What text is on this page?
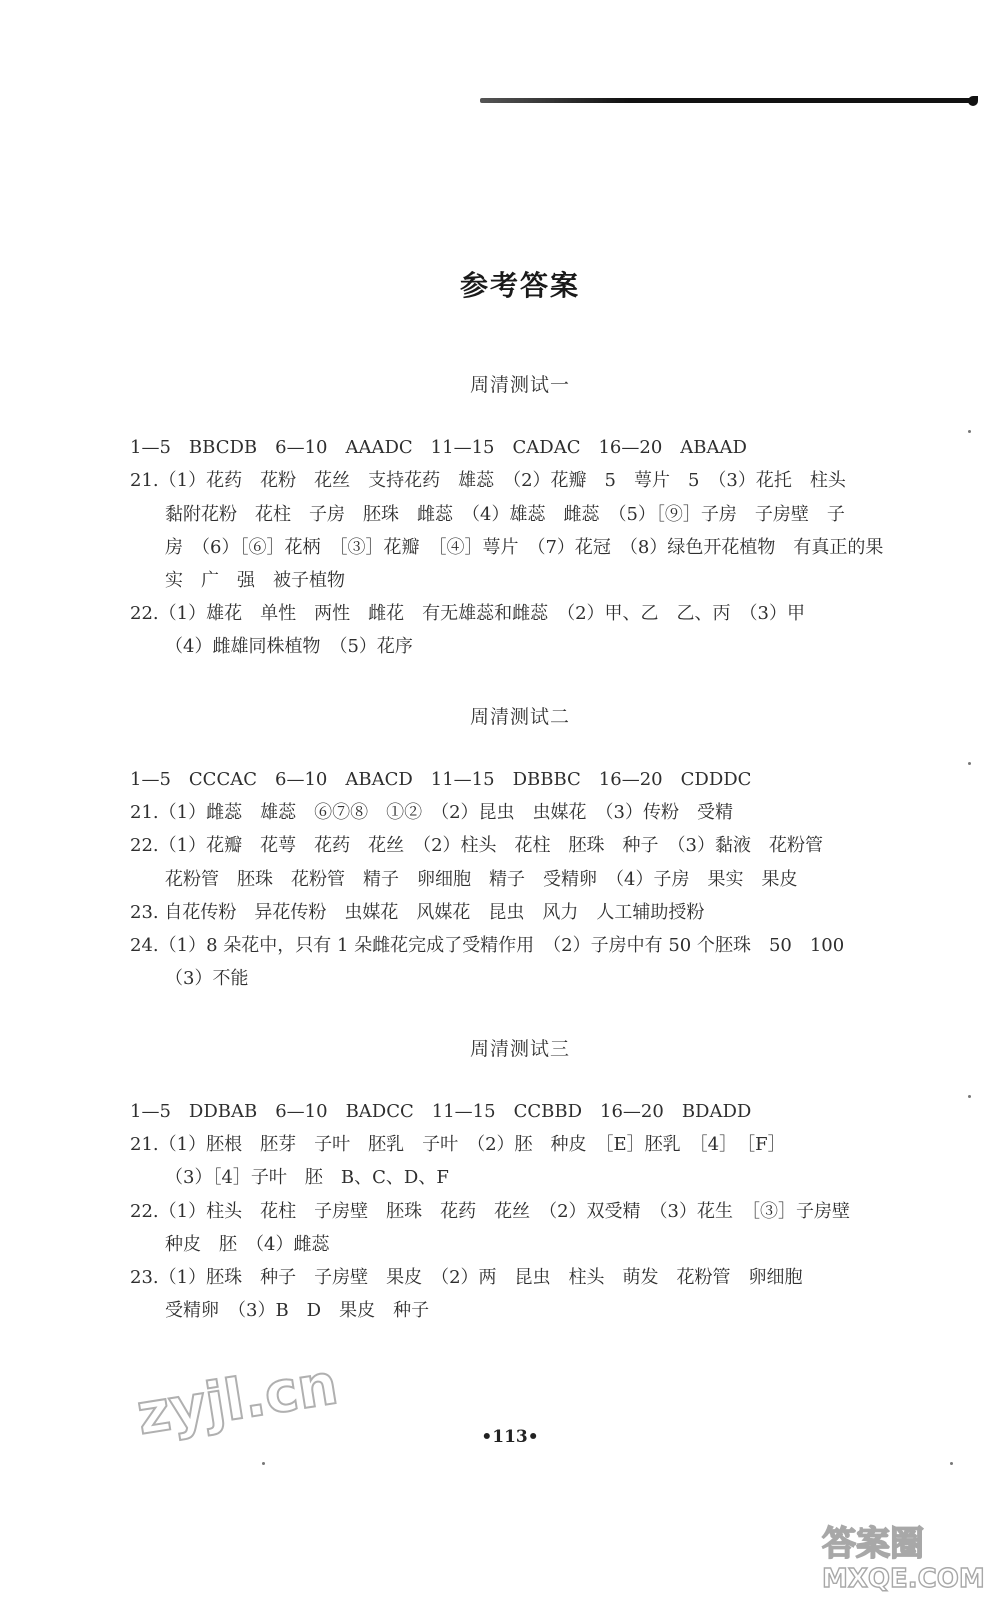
参考答案
周清测试一
1—5　BBCDB　6—10　AAADC　11—15　CADAC　16—20　ABAAD
21.（1）花药　花粉　花丝　支持花药　雄蕊　（2）花瓣　5　萼片　5　（3）花托　柱头
黏附花粉　花柱　子房　胚珠　雌蕊　（4）雄蕊　雌蕊　（5）［⑨］子房　子房壁　子
房　（6）［⑥］花柄　［③］花瓣　［④］萼片　（7）花冠　（8）绿色开花植物　有真正的果
实　广　强　被子植物
22.（1）雄花　单性　两性　雌花　有无雄蕊和雌蕊　（2）甲、乙　乙、丙　（3）甲
（4）雌雄同株植物　（5）花序
周清测试二
1—5　CCCAC　6—10　ABACD　11—15　DBBBC　16—20　CDDDC
21.（1）雌蕊　雄蕊　⑥⑦⑧　①②　（2）昆虫　虫媒花　（3）传粉　受精
22.（1）花瓣　花萼　花药　花丝　（2）柱头　花柱　胚珠　种子　（3）黏液　花粉管
花粉管　胚珠　花粉管　精子　卵细胞　精子　受精卵　（4）子房　果实　果皮
23. 自花传粉　异花传粉　虫媒花　风媒花　昆虫　风力　人工辅助授粉
24.（1）8 朵花中，只有 1 朵雌花完成了受精作用　（2）子房中有 50 个胚珠　50　100
（3）不能
周清测试三
1—5　DDBAB　6—10　BADCC　11—15　CCBBD　16—20　BDADD
21.（1）胚根　胚芽　子叶　胚乳　子叶　（2）胚　种皮　［E］胚乳　［4］　［F］
（3）［4］子叶　胚　B、C、D、F
22.（1）柱头　花柱　子房壁　胚珠　花药　花丝　（2）双受精　（3）花生　［③］子房壁
种皮　胚　（4）雌蕊
23.（1）胚珠　种子　子房壁　果皮　（2）两　昆虫　柱头　萌发　花粉管　卵细胞
受精卵　（3）B　D　果皮　种子
zyjl.cn	•113•
答案圈
MXQE.COM
